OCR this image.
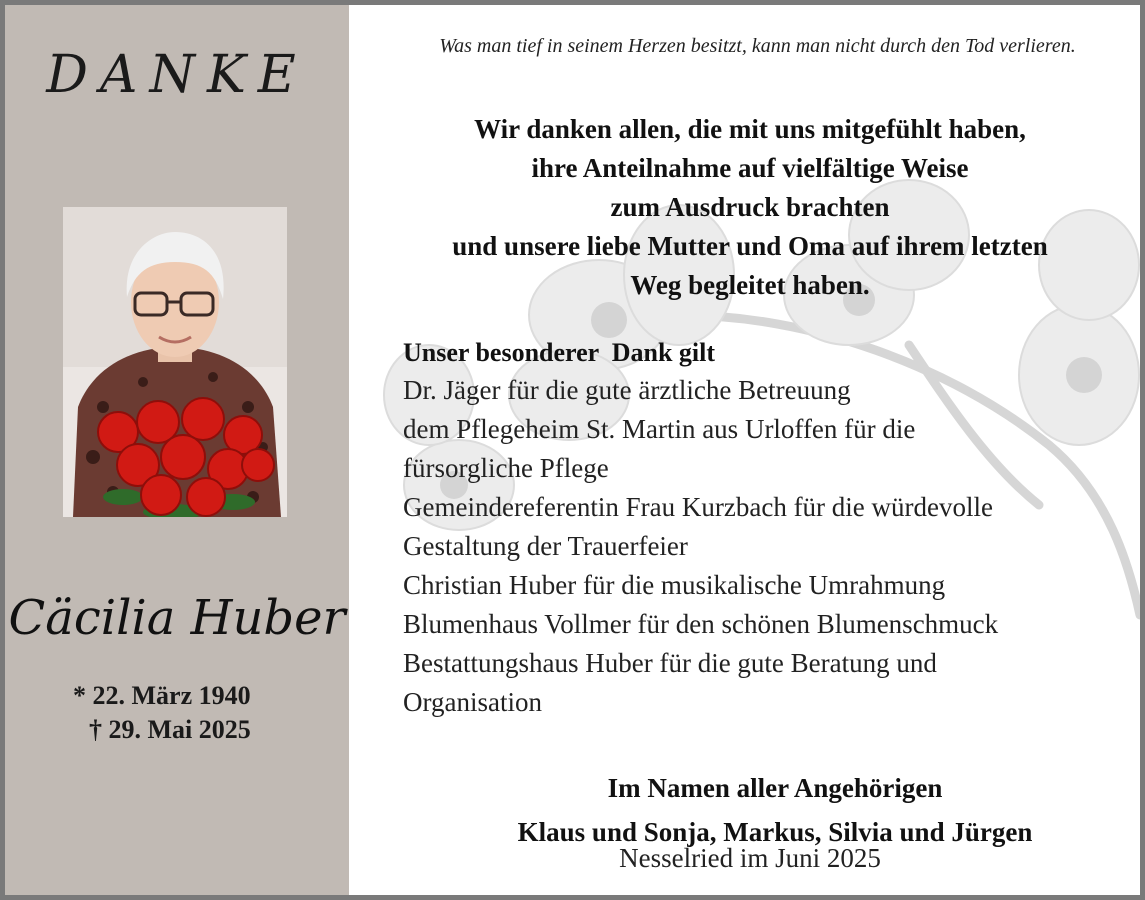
DANKE
Cäcilia Huber
* 22. März 1940
† 29. Mai 2025
Was man tief in seinem Herzen besitzt, kann man nicht durch den Tod verlieren.
Wir danken allen, die mit uns mitgefühlt haben,
ihre Anteilnahme auf vielfältige Weise
zum Ausdruck brachten
und unsere liebe Mutter und Oma auf ihrem letzten
Weg begleitet haben.
Unser besonderer  Dank gilt
Dr. Jäger für die gute ärztliche Betreuung
dem Pflegeheim St. Martin aus Urloffen für die
fürsorgliche Pflege
Gemeindereferentin Frau Kurzbach für die würdevolle
Gestaltung der Trauerfeier
Christian Huber für die musikalische Umrahmung
Blumenhaus Vollmer für den schönen Blumenschmuck
Bestattungshaus Huber für die gute Beratung und
Organisation
Im Namen aller Angehörigen
Klaus und Sonja, Markus, Silvia und Jürgen
Nesselried im Juni 2025
